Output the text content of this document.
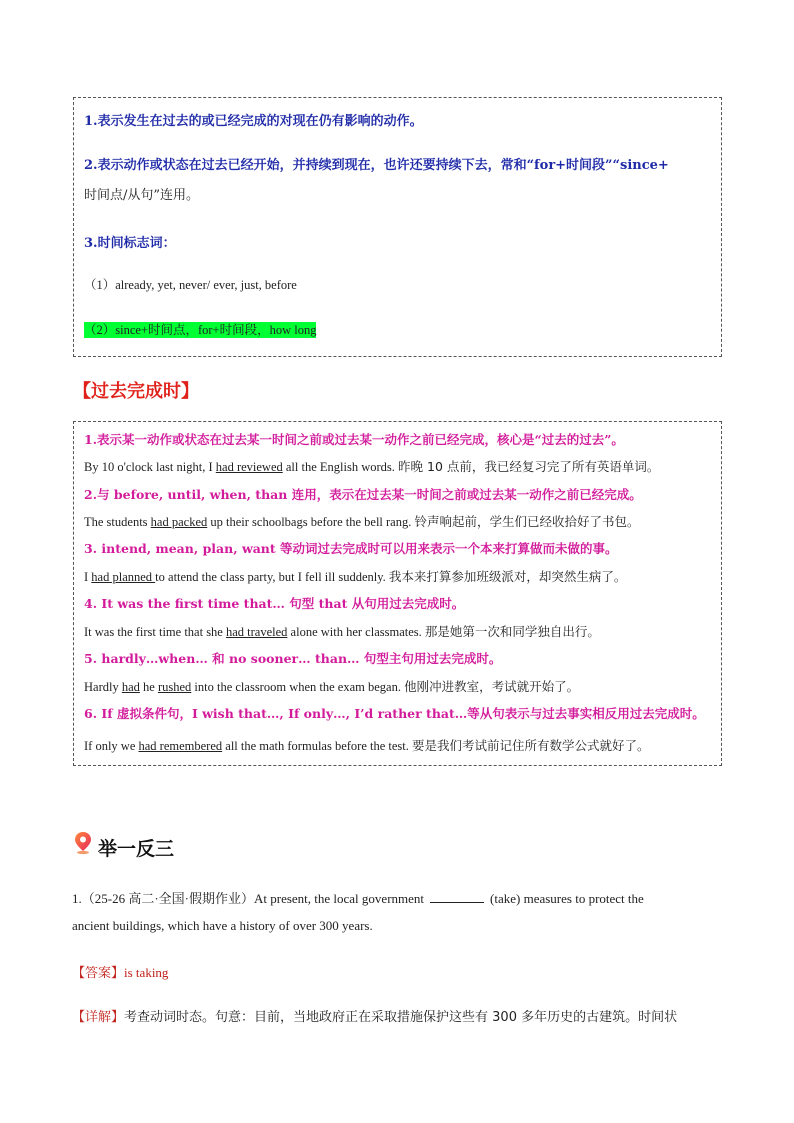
1.表示发生在过去的或已经完成的对现在仍有影响的动作。
2.表示动作或状态在过去已经开始，并持续到现在，也许还要持续下去，常和“for+时间段”“since+
时间点/从句”连用。
3.时间标志词：
（1）already, yet, never/ ever, just, before
（2）since+时间点，for+时间段，how long
【过去完成时】
1.表示某一动作或状态在过去某一时间之前或过去某一动作之前已经完成，核心是“过去的过去”。
By 10 o'clock last night, I had reviewed all the English words. 昨晚 10 点前，我已经复习完了所有英语单词。
2.与 before, until, when, than 连用，表示在过去某一时间之前或过去某一动作之前已经完成。
The students had packed up their schoolbags before the bell rang. 铃声响起前，学生们已经收拾好了书包。
3. intend, mean, plan, want 等动词过去完成时可以用来表示一个本来打算做而未做的事。
I had planned to attend the class party, but I fell ill suddenly. 我本来打算参加班级派对，却突然生病了。
4. It was the first time that… 句型 that 从句用过去完成时。
It was the first time that she had traveled alone with her classmates. 那是她第一次和同学独自出行。
5. hardly…when… 和 no sooner… than… 句型主句用过去完成时。
Hardly had he rushed into the classroom when the exam began. 他刚冲进教室，考试就开始了。
6. If 虚拟条件句，I wish that…, If only…, I’d rather that…等从句表示与过去事实相反用过去完成时。
If only we had remembered all the math formulas before the test. 要是我们考试前记住所有数学公式就好了。
举一反三
1.（25-26 高二·全国·假期作业）At present, the local government	(take) measures to protect the
ancient buildings, which have a history of over 300 years.
【答案】is taking
【详解】考查动词时态。句意：目前，当地政府正在采取措施保护这些有 300 多年历史的古建筑。时间状
